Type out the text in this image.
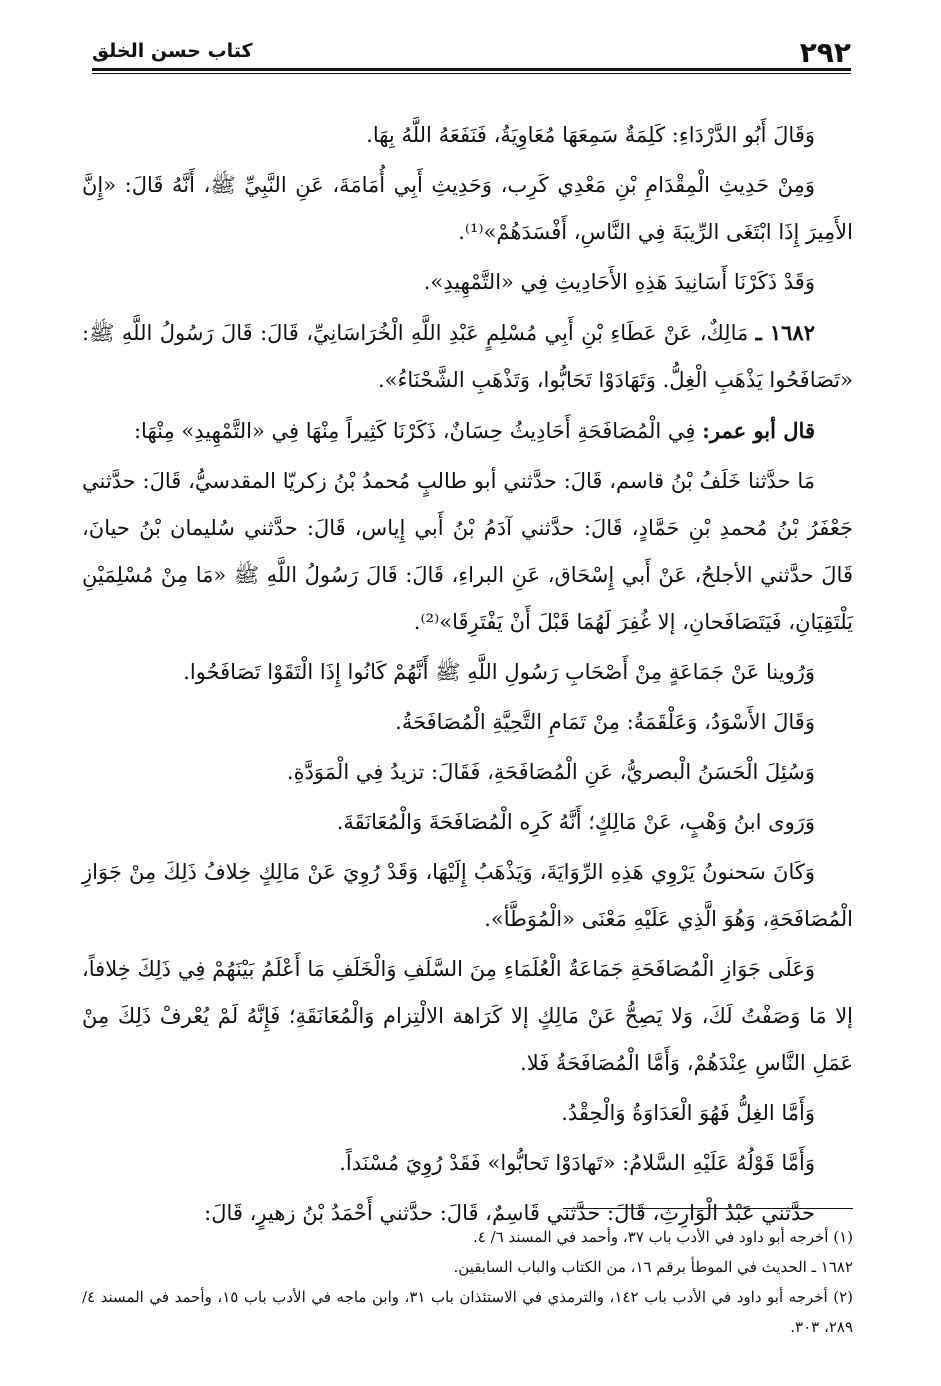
٢٩٢
كتاب حسن الخلق

وَقَالَ أَبُو الدَّرْدَاءِ: كَلِمَةٌ سَمِعَهَا مُعَاوِيَةُ، فَنَفَعَهُ اللَّهُ بِهَا.

وَمِنْ حَدِيثِ الْمِقْدَامِ بْنِ مَعْدِي كَرِب، وَحَدِيثِ أَبِي أُمَامَةَ، عَنِ النَّبِيِّ ﷺ، أَنَّهُ قَالَ: «إِنَّ الأَمِيرَ إِذَا ابْتَغَى الرِّيبَةَ فِي النَّاسِ، أَفْسَدَهُمْ»⁽¹⁾.

وَقَدْ ذَكَرْنَا أَسَانِيدَ هَذِهِ الأَحَادِيثِ فِي «التَّمْهِيدِ».

١٦٨٢ ـ مَالِكٌ، عَنْ عَطَاءِ بْنِ أَبِي مُسْلِمٍ عَبْدِ اللَّهِ الْخُرَاسَانِيِّ، قَالَ: قَالَ رَسُولُ اللَّهِ ﷺ: «تَصَافَحُوا يَذْهَبِ الْغِلُّ. وَتَهَادَوْا تَحَابُّوا، وَتَذْهَبِ الشَّحْنَاءُ».

قال أبو عمر: فِي الْمُصَافَحَةِ أَحَادِيثُ حِسَانٌ، ذَكَرْنَا كَثِيراً مِنْهَا فِي «التَّمْهِيدِ» مِنْهَا:

مَا حدَّثنا خَلَفُ بْنُ قاسم، قَالَ: حدَّثني أبو طالبٍ مُحمدُ بْنُ زكريّا المقدسيُّ، قَالَ: حدَّثني جَعْفَرُ بْنُ مُحمدِ بْنِ حَمَّادٍ، قَالَ: حدَّثني آدَمُ بْنُ أَبي إِياس، قَالَ: حدَّثني سُليمان بْنُ حيانَ، قَالَ حدَّثني الأجلحُ، عَنْ أَبي إِسْحَاق، عَنِ البراءِ، قَالَ: قَالَ رَسُولُ اللَّهِ ﷺ «مَا مِنْ مُسْلِمَيْنِ يَلْتَقِيَانِ، فَيَتَصَافَحانِ، إلا غُفِرَ لَهُمَا قَبْلَ أَنْ يَفْتَرِقَا»⁽²⁾.

وَرُوينا عَنْ جَمَاعَةٍ مِنْ أَصْحَابِ رَسُولِ اللَّهِ ﷺ أَنَّهُمْ كَانُوا إِذَا الْتَقَوْا تَصَافَحُوا.

وَقَالَ الأَسْوَدُ، وَعَلْقَمَةُ: مِنْ تَمَامِ التَّحِيَّةِ الْمُصَافَحَةُ.

وَسُئِلَ الْحَسَنُ الْبصريُّ، عَنِ الْمُصَافَحَةِ، فَقَالَ: تزيدُ فِي الْمَوَدَّةِ.

وَرَوى ابنُ وَهْبٍ، عَنْ مَالِكٍ؛ أَنَّهُ كَرِه الْمُصَافَحَةَ وَالْمُعَانَقَةَ.

وَكَانَ سَحنونُ يَرْوِي هَذِهِ الرِّوَايَةَ، وَيَذْهَبُ إِلَيْهَا، وَقَدْ رُوِيَ عَنْ مَالِكٍ خِلافُ ذَلِكَ مِنْ جَوَازِ الْمُصَافَحَةِ، وَهُوَ الَّذِي عَلَيْهِ مَعْنَى «الْمُوَطَّأ».

وَعَلَى جَوَازِ الْمُصَافَحَةِ جَمَاعَةُ الْعُلَمَاءِ مِنَ السَّلَفِ وَالْخَلَفِ مَا أَعْلَمُ بَيْنَهُمْ فِي ذَلِكَ خِلافاً، إلا مَا وَصَفْتُ لَكَ، وَلا يَصِحُّ عَنْ مَالِكٍ إلا كَرَاهة الالْتِزام وَالْمُعَانَقَةِ؛ فَإِنَّهُ لَمْ يُعْرفْ ذَلِكَ مِنْ عَمَلِ النَّاسِ عِنْدَهُمْ، وَأَمَّا الْمُصَافَحَةُ فَلا.

وَأَمَّا الغِلُّ فَهُوَ الْعَدَاوَةُ وَالْحِقْدُ.

وَأَمَّا قَوْلُهُ عَلَيْهِ السَّلامُ: «تَهادَوْا تَحابُّوا» فَقَدْ رُوِيَ مُسْنَداً.

حدَّثني عَبْدُ الْوَارِثِ، قَالَ: حدَّثني قَاسِمٌ، قَالَ: حدَّثني أَحْمَدُ بْنُ زهيرٍ، قَالَ:

(١) أخرجه أبو داود في الأدب باب ٣٧، وأحمد في المسند ٦/ ٤.

١٦٨٢ ـ الحديث في الموطأ برقم ١٦، من الكتاب والباب السابقين.

(٢) أخرجه أبو داود في الأدب باب ١٤٢، والترمذي في الاستئذان باب ٣١، وابن ماجه في الأدب باب ١٥، وأحمد في المسند ٤/ ٢٨٩، ٣٠٣.
